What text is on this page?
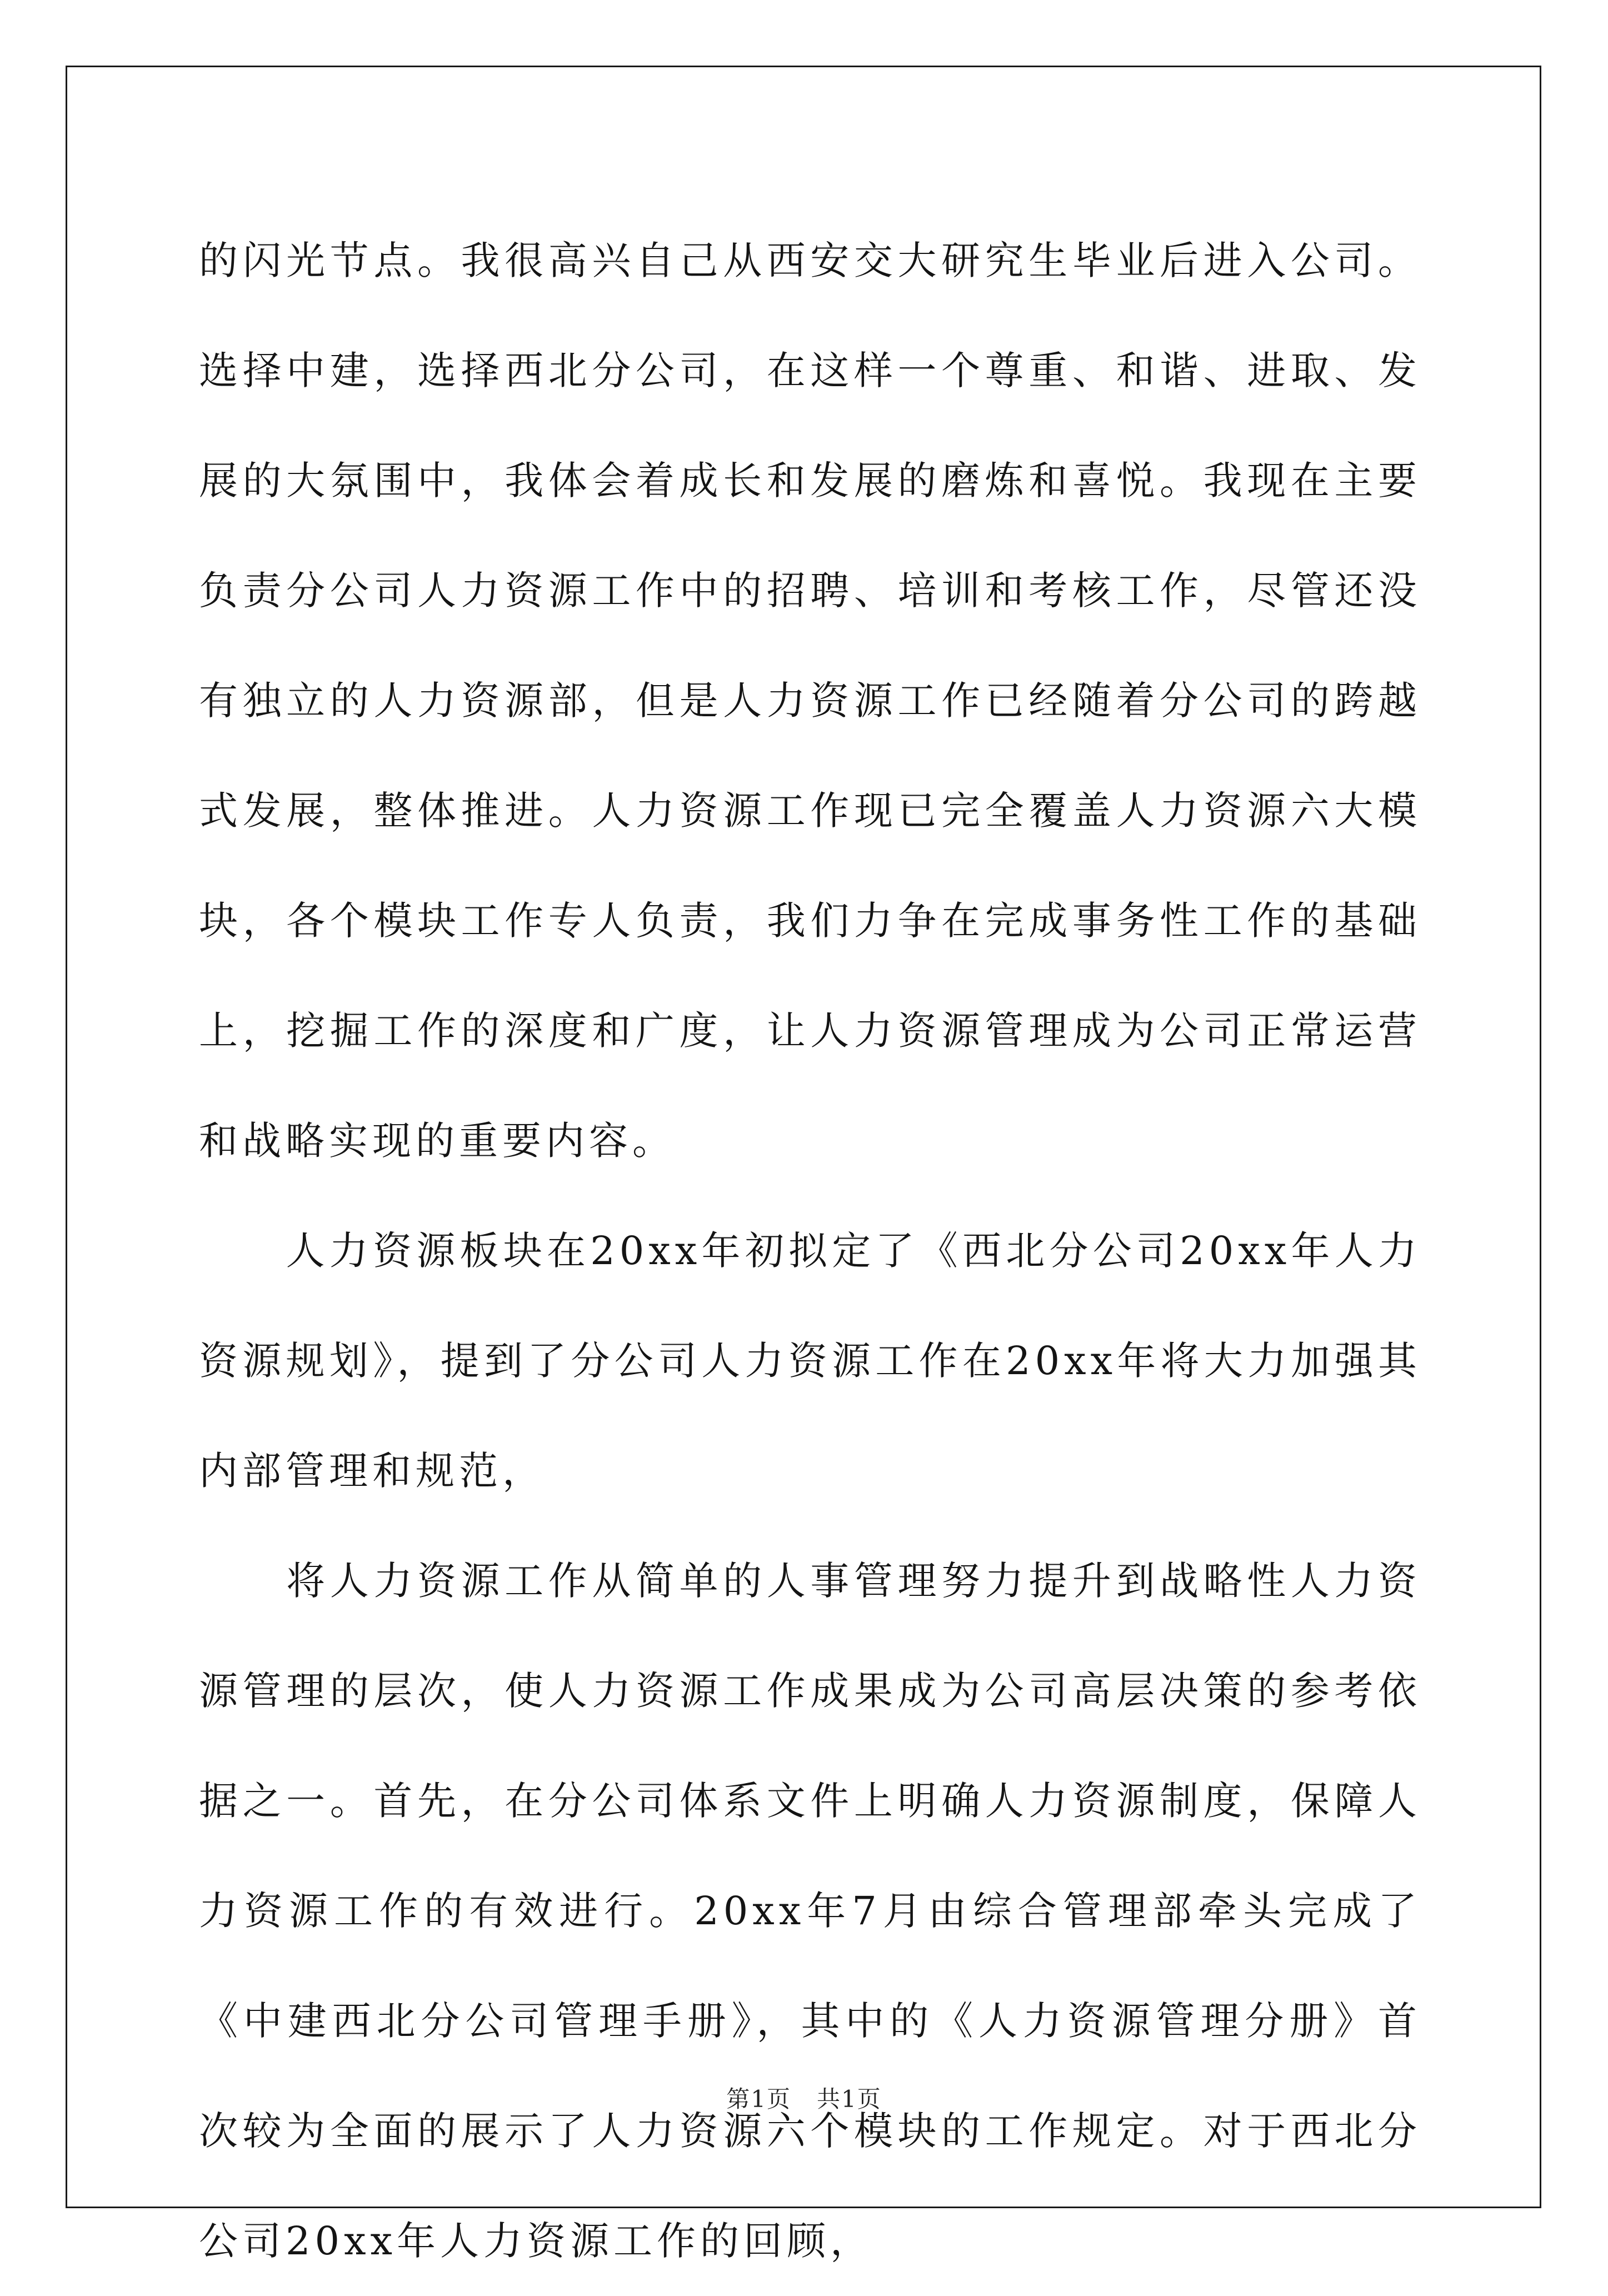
的闪光节点。我很高兴自己从西安交大研究生毕业后进入公司。选择中建，选择西北分公司，在这样一个尊重、和谐、进取、发展的大氛围中，我体会着成长和发展的磨炼和喜悦。我现在主要负责分公司人力资源工作中的招聘、培训和考核工作，尽管还没有独立的人力资源部，但是人力资源工作已经随着分公司的跨越式发展，整体推进。人力资源工作现已完全覆盖人力资源六大模块，各个模块工作专人负责，我们力争在完成事务性工作的基础上，挖掘工作的深度和广度，让人力资源管理成为公司正常运营和战略实现的重要内容。

　　人力资源板块在20xx年初拟定了《西北分公司20xx年人力资源规划》，提到了分公司人力资源工作在20xx年将大力加强其内部管理和规范，

　　将人力资源工作从简单的人事管理努力提升到战略性人力资源管理的层次，使人力资源工作成果成为公司高层决策的参考依据之一。首先，在分公司体系文件上明确人力资源制度，保障人力资源工作的有效进行。20xx年7月由综合管理部牵头完成了《中建西北分公司管理手册》，其中的《人力资源管理分册》首次较为全面的展示了人力资源六个模块的工作规定。对于西北分公司20xx年人力资源工作的回顾，

第1页 共1页
